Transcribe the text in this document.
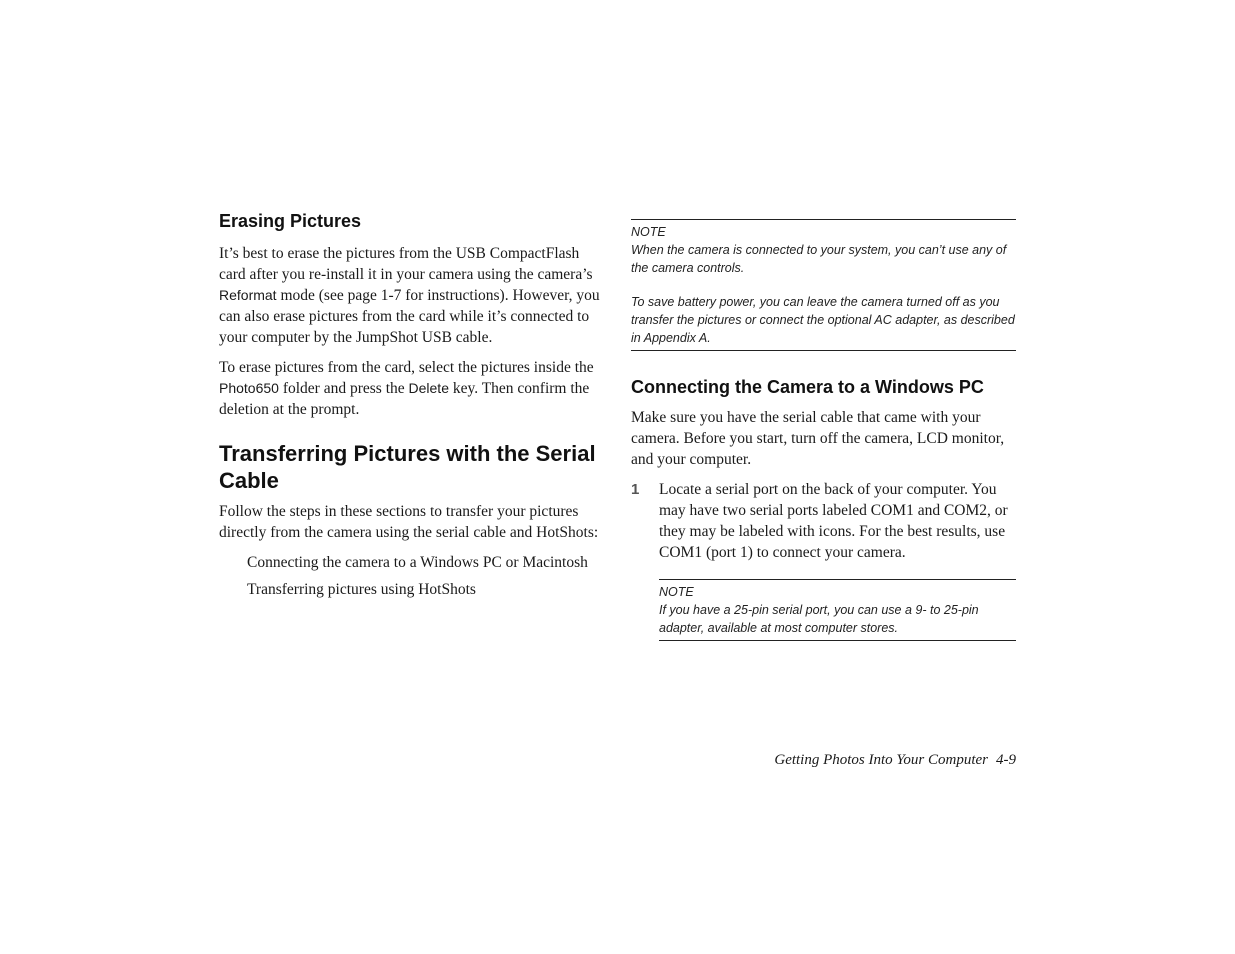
Erasing Pictures

It’s best to erase the pictures from the USB CompactFlash card after you re-install it in your camera using the camera’s Reformat mode (see page 1-7 for instructions). However, you can also erase pictures from the card while it’s connected to your computer by the JumpShot USB cable.

To erase pictures from the card, select the pictures inside the Photo650 folder and press the Delete key. Then confirm the deletion at the prompt.

Transferring Pictures with the Serial Cable

Follow the steps in these sections to transfer your pictures directly from the camera using the serial cable and HotShots:

Connecting the camera to a Windows PC or Macintosh

Transferring pictures using HotShots

NOTE

When the camera is connected to your system, you can’t use any of the camera controls.

To save battery power, you can leave the camera turned off as you transfer the pictures or connect the optional AC adapter, as described in Appendix A.

Connecting the Camera to a Windows PC

Make sure you have the serial cable that came with your camera. Before you start, turn off the camera, LCD monitor, and your computer.

1	Locate a serial port on the back of your computer. You may have two serial ports labeled COM1 and COM2, or they may be labeled with icons. For the best results, use COM1 (port 1) to connect your camera.

NOTE

If you have a 25-pin serial port, you can use a 9- to 25-pin adapter, available at most computer stores.

Getting Photos Into Your Computer 4-9
